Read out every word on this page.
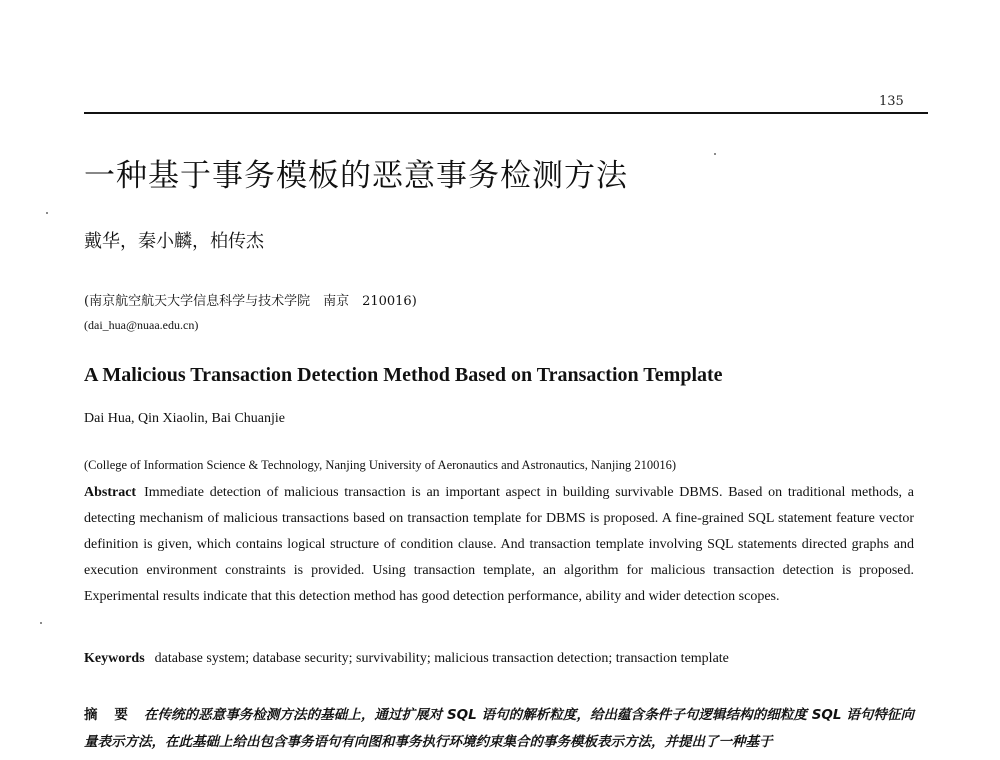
135
一种基于事务模板的恶意事务检测方法
戴华，秦小麟，柏传杰
(南京航空航天大学信息科学与技术学院　南京　210016)
(dai_hua@nuaa.edu.cn)
A Malicious Transaction Detection Method Based on Transaction Template
Dai Hua, Qin Xiaolin, Bai Chuanjie
(College of Information Science & Technology, Nanjing University of Aeronautics and Astronautics, Nanjing 210016)

Abstract Immediate detection of malicious transaction is an important aspect in building survivable DBMS. Based on traditional methods, a detecting mechanism of malicious transactions based on transaction template for DBMS is proposed. A fine-grained SQL statement feature vector definition is given, which contains logical structure of condition clause. And transaction template involving SQL statements directed graphs and execution environment constraints is provided. Using transaction template, an algorithm for malicious transaction detection is proposed. Experimental results indicate that this detection method has good detection performance, ability and wider detection scopes.

Keywords database system; database security; survivability; malicious transaction detection; transaction template

摘 要 在传统的恶意事务检测方法的基础上，通过扩展对 SQL 语句的解析粒度，给出蕴含条件子句逻辑结构的细粒度 SQL 语句特征向量表示方法，在此基础上给出包含事务语句有向图和事务执行环境约束集合的事务模板表示方法，并提出了一种基于
